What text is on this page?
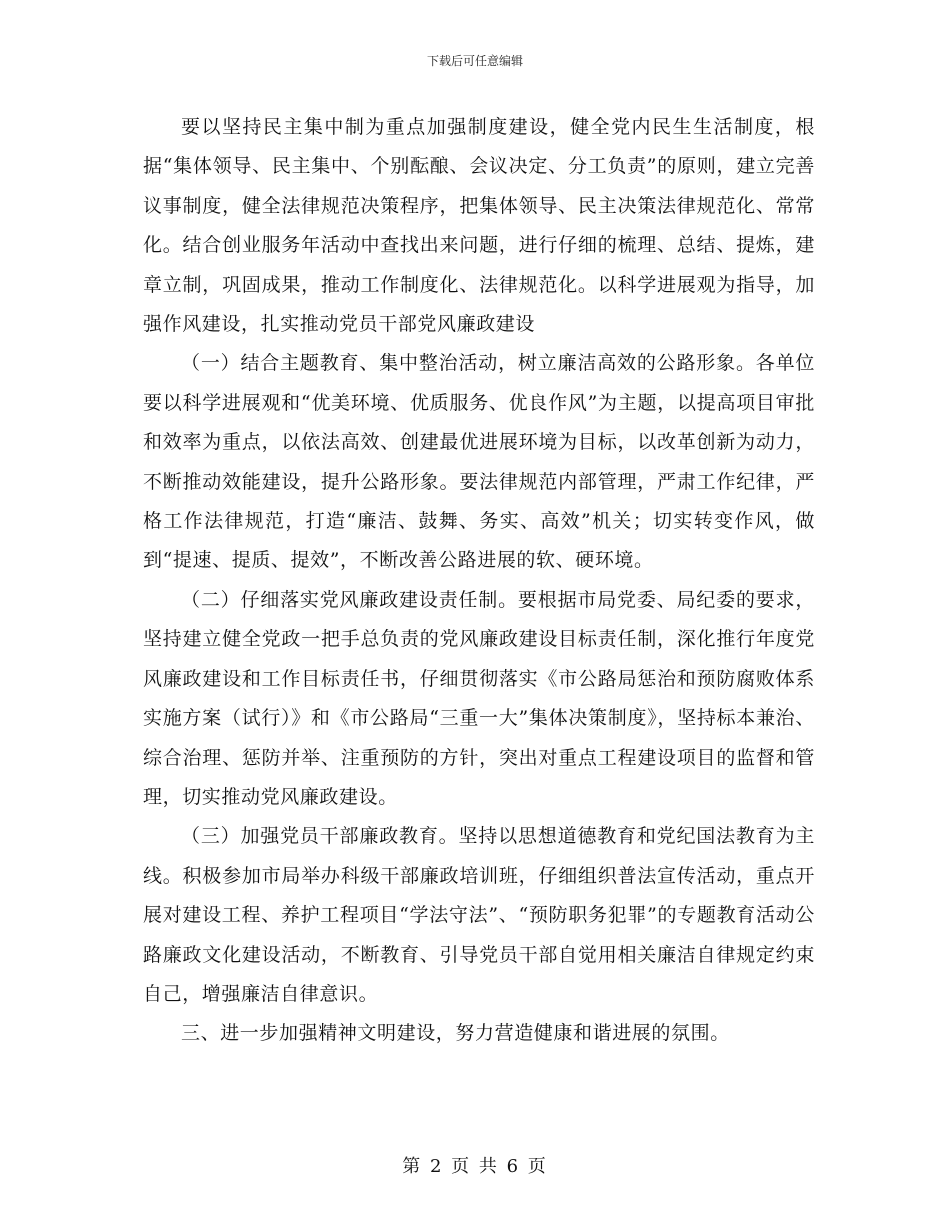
下载后可任意编辑

要以坚持民主集中制为重点加强制度建设，健全党内民生生活制度，根据“集体领导、民主集中、个别酝酿、会议决定、分工负责”的原则，建立完善议事制度，健全法律规范决策程序，把集体领导、民主决策法律规范化、常常化。结合创业服务年活动中查找出来问题，进行仔细的梳理、总结、提炼，建章立制，巩固成果，推动工作制度化、法律规范化。以科学进展观为指导，加强作风建设，扎实推动党员干部党风廉政建设

（一）结合主题教育、集中整治活动，树立廉洁高效的公路形象。各单位要以科学进展观和“优美环境、优质服务、优良作风”为主题，以提高项目审批和效率为重点，以依法高效、创建最优进展环境为目标，以改革创新为动力，不断推动效能建设，提升公路形象。要法律规范内部管理，严肃工作纪律，严格工作法律规范，打造“廉洁、鼓舞、务实、高效”机关；切实转变作风，做到“提速、提质、提效”，不断改善公路进展的软、硬环境。

（二）仔细落实党风廉政建设责任制。要根据市局党委、局纪委的要求，坚持建立健全党政一把手总负责的党风廉政建设目标责任制，深化推行年度党风廉政建设和工作目标责任书，仔细贯彻落实《市公路局惩治和预防腐败体系实施方案（试行）》和《市公路局“三重一大”集体决策制度》，坚持标本兼治、综合治理、惩防并举、注重预防的方针，突出对重点工程建设项目的监督和管理，切实推动党风廉政建设。

（三）加强党员干部廉政教育。坚持以思想道德教育和党纪国法教育为主线。积极参加市局举办科级干部廉政培训班，仔细组织普法宣传活动，重点开展对建设工程、养护工程项目“学法守法”、“预防职务犯罪”的专题教育活动公路廉政文化建设活动，不断教育、引导党员干部自觉用相关廉洁自律规定约束自己，增强廉洁自律意识。

三、进一步加强精神文明建设，努力营造健康和谐进展的氛围。

第 2 页 共 6 页
